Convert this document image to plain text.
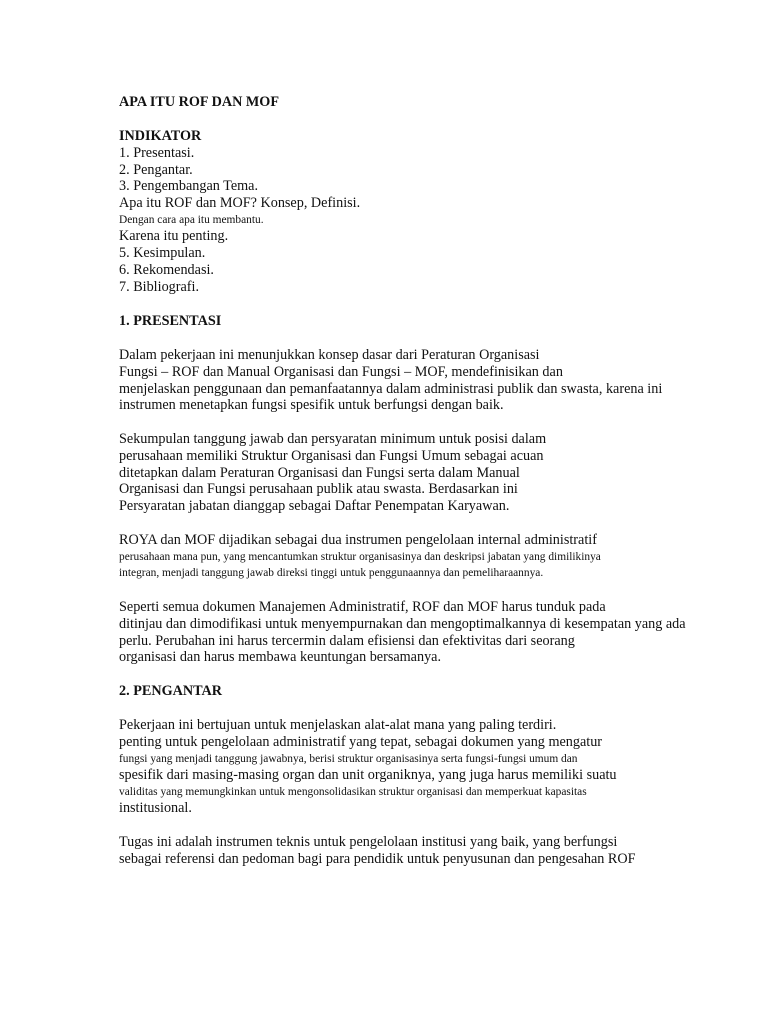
APA ITU ROF DAN MOF
INDIKATOR
1. Presentasi.
2. Pengantar.
3. Pengembangan Tema.
Apa itu ROF dan MOF? Konsep, Definisi.
Dengan cara apa itu membantu.
Karena itu penting.
5. Kesimpulan.
6. Rekomendasi.
7. Bibliografi.
1. PRESENTASI
Dalam pekerjaan ini menunjukkan konsep dasar dari Peraturan Organisasi
Fungsi – ROF dan Manual Organisasi dan Fungsi – MOF, mendefinisikan dan
menjelaskan penggunaan dan pemanfaatannya dalam administrasi publik dan swasta, karena ini
instrumen menetapkan fungsi spesifik untuk berfungsi dengan baik.
Sekumpulan tanggung jawab dan persyaratan minimum untuk posisi dalam
perusahaan memiliki Struktur Organisasi dan Fungsi Umum sebagai acuan
ditetapkan dalam Peraturan Organisasi dan Fungsi serta dalam Manual
Organisasi dan Fungsi perusahaan publik atau swasta. Berdasarkan ini
Persyaratan jabatan dianggap sebagai Daftar Penempatan Karyawan.
ROYA dan MOF dijadikan sebagai dua instrumen pengelolaan internal administratif
perusahaan mana pun, yang mencantumkan struktur organisasinya dan deskripsi jabatan yang dimilikinya
integran, menjadi tanggung jawab direksi tinggi untuk penggunaannya dan pemeliharaannya.
Seperti semua dokumen Manajemen Administratif, ROF dan MOF harus tunduk pada
ditinjau dan dimodifikasi untuk menyempurnakan dan mengoptimalkannya di kesempatan yang ada
perlu. Perubahan ini harus tercermin dalam efisiensi dan efektivitas dari seorang
organisasi dan harus membawa keuntungan bersamanya.
2. PENGANTAR
Pekerjaan ini bertujuan untuk menjelaskan alat-alat mana yang paling terdiri.
penting untuk pengelolaan administratif yang tepat, sebagai dokumen yang mengatur
fungsi yang menjadi tanggung jawabnya, berisi struktur organisasinya serta fungsi-fungsi umum dan
spesifik dari masing-masing organ dan unit organiknya, yang juga harus memiliki suatu
validitas yang memungkinkan untuk mengonsolidasikan struktur organisasi dan memperkuat kapasitas
institusional.
Tugas ini adalah instrumen teknis untuk pengelolaan institusi yang baik, yang berfungsi
sebagai referensi dan pedoman bagi para pendidik untuk penyusunan dan pengesahan ROF
